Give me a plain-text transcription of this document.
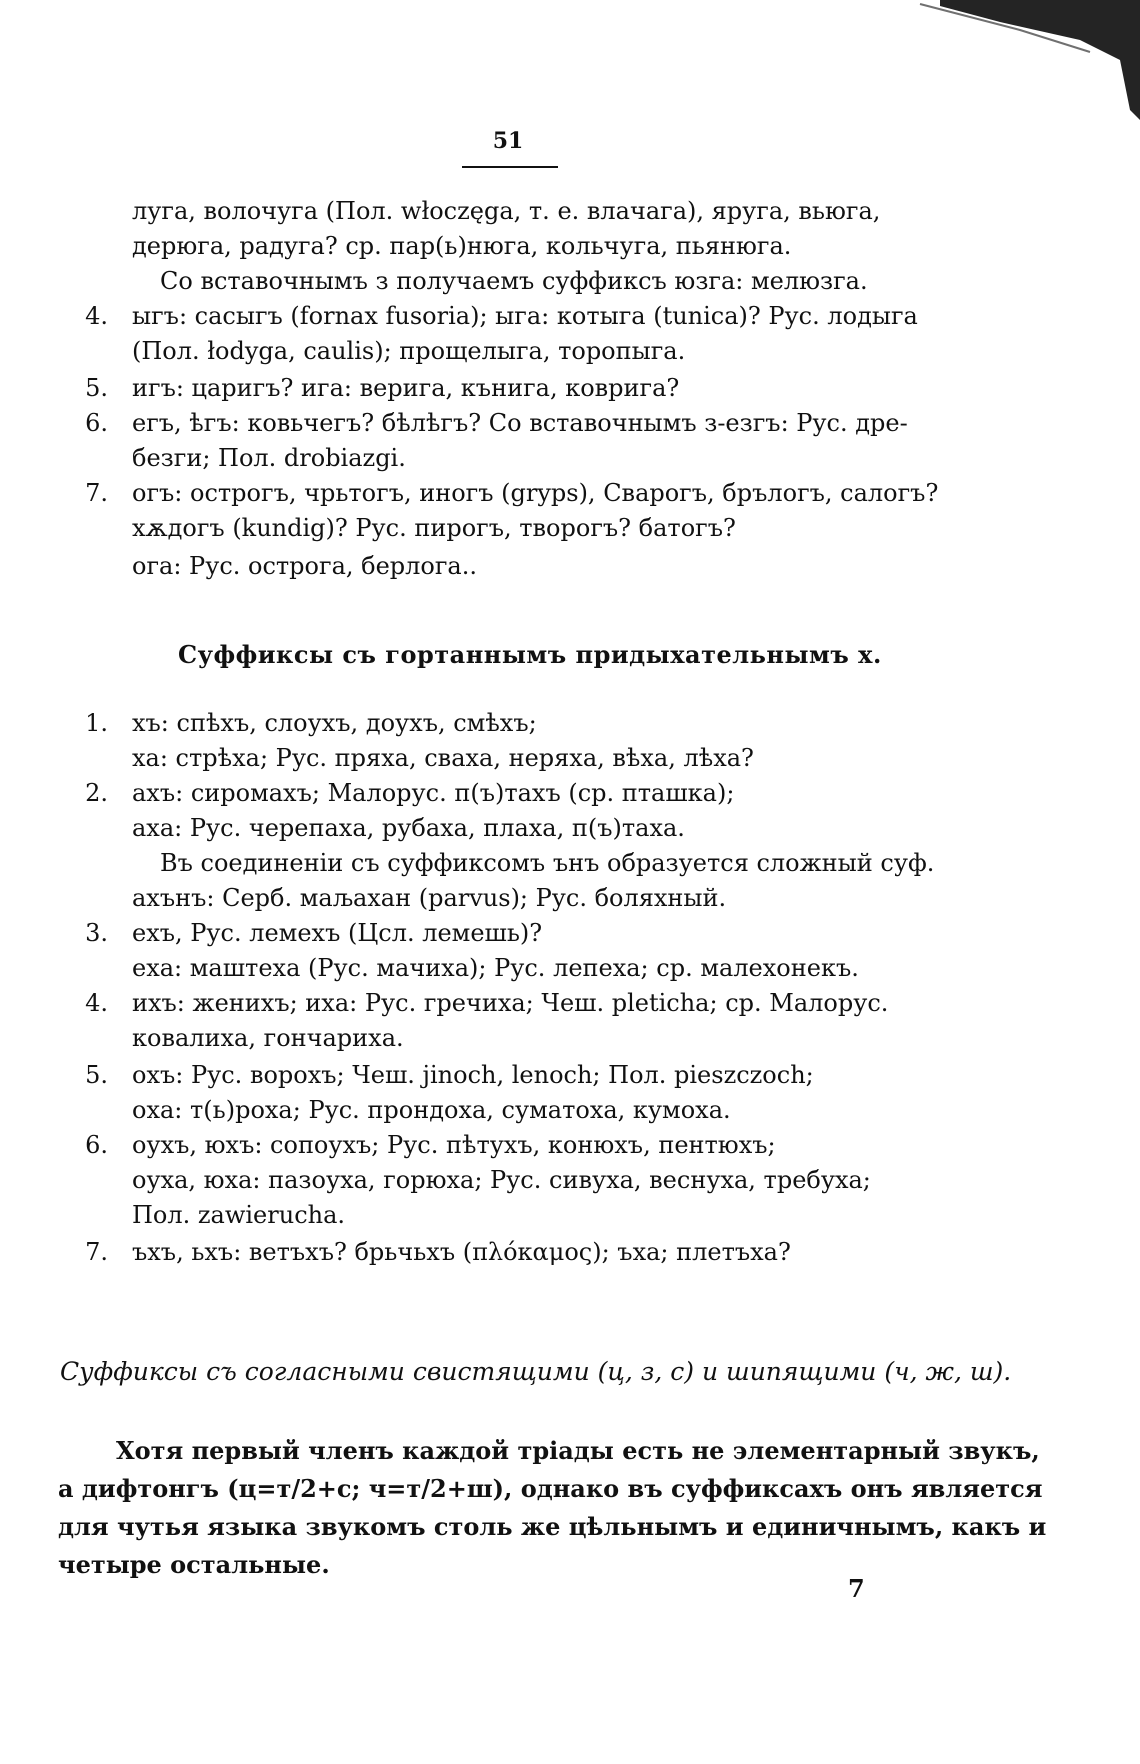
51
луга, волочуга (Пол. włoczęga, т. е. влачага), яруга, вьюга,
дерюга, радуга? ср. пар(ь)нюга, кольчуга, пьянюга.
Со вставочнымъ з получаемъ суффиксъ юзга: мелюзга.
4. ыгъ: саcыгъ (fornax fusoria); ыга: котыга (tunica)? Рус. лодыга
(Пол. łodyga, caulis); прощелыга, торопыга.
5. игъ: царигъ? ига: верига, кънига, коврига?
6. егъ, ѣгъ: ковьчегъ? бѣлѣгъ? Со вставочнымъ з-езгъ: Рус. дре-
безги; Пол. drobiazgi.
7. огъ: острогъ, чрьтогъ, иногъ (gryps), Сварогъ, брълогъ, салогъ?
хѫдогъ (kundig)? Рус. пирогъ, творогъ? батогъ?
ога: Рус. острога, берлога..
Суффиксы съ гортаннымъ придыхательнымъ х.
1. хъ: спѣхъ, слоухъ, доухъ, смѣхъ;
ха: стрѣха; Рус. пряха, сваха, неряха, вѣха, лѣха?
2. ахъ: сиромахъ; Малорус. п(ъ)тахъ (ср. пташка);
аха: Рус. черепаха, рубаха, плаха, п(ъ)таха.
Въ соединеніи съ суффиксомъ ънъ образуется сложный суф.
ахънъ: Серб. маљахан (parvus); Рус. боляхный.
3. ехъ, Рус. лемехъ (Цсл. лемешь)?
еха: маштеха (Рус. мачиха); Рус. лепеха; ср. малехонекъ.
4. ихъ: женихъ; иха: Рус. гречиха; Чеш. pleticha; ср. Малорус.
ковалиха, гончариха.
5. охъ: Рус. ворохъ; Чеш. jinoch, lenoch; Пол. pieszczoch;
оха: т(ь)роха; Рус. прондоха, суматоха, кумоха.
6. оухъ, юхъ: сопоухъ; Рус. пѣтухъ, конюхъ, пентюхъ;
оуха, юха: пазоуха, горюха; Рус. сивуха, веснуха, требуха;
Пол. zawierucha.
7. ъхъ, ьхъ: ветъхъ? брьчьхъ (πλόκαμος); ъха; плетъха?
Суффиксы съ согласными свистящими (ц, з, с) и шипящими (ч, ж, ш).
Хотя первый членъ каждой тріады есть не элементарный звукъ,
а дифтонгъ (ц=т/2+с; ч=т/2+ш), однако въ суффиксахъ онъ является
для чутья языка звукомъ столь же цѣльнымъ и единичнымъ, какъ и
четыре остальные.
7
